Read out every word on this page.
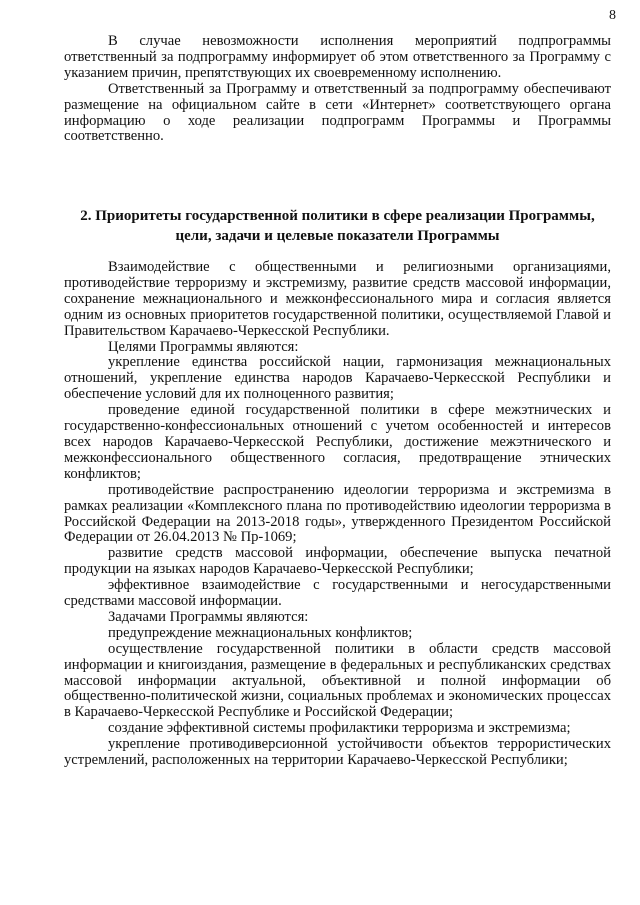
8

В случае невозможности исполнения мероприятий подпрограммы ответственный за подпрограмму информирует об этом ответственного за Программу с указанием причин, препятствующих их своевременному исполнению.

Ответственный за Программу и ответственный за подпрограмму обеспечивают размещение на официальном сайте в сети «Интернет» соответствующего органа информацию о ходе реализации подпрограмм Программы и Программы соответственно.

2. Приоритеты государственной политики в сфере реализации Программы,

цели, задачи и целевые показатели Программы

Взаимодействие с общественными и религиозными организациями, противодействие терроризму и экстремизму, развитие средств массовой информации, сохранение межнационального и межконфессионального мира и согласия является одним из основных приоритетов государственной политики, осуществляемой Главой и Правительством Карачаево-Черкесской Республики.

Целями Программы являются:

укрепление единства российской нации, гармонизация межнациональных отношений, укрепление единства народов Карачаево-Черкесской Республики и обеспечение условий для их полноценного развития;

проведение единой государственной политики в сфере межэтнических и государственно-конфессиональных отношений с учетом особенностей и интересов всех народов Карачаево-Черкесской Республики, достижение межэтнического и межконфессионального общественного согласия, предотвращение этнических конфликтов;

противодействие распространению идеологии терроризма и экстремизма в рамках реализации «Комплексного плана по противодействию идеологии терроризма в Российской Федерации на 2013-2018 годы», утвержденного Президентом Российской Федерации от 26.04.2013 № Пр-1069;

развитие средств массовой информации, обеспечение выпуска печатной продукции на языках народов Карачаево-Черкесской Республики;

эффективное взаимодействие с государственными и негосударственными средствами массовой информации.

Задачами Программы являются:

предупреждение межнациональных конфликтов;

осуществление государственной политики в области средств массовой информации и книгоиздания, размещение в федеральных и республиканских средствах массовой информации актуальной, объективной и полной информации об общественно-политической жизни, социальных проблемах и экономических процессах в Карачаево-Черкесской Республике и Российской Федерации;

создание эффективной системы профилактики терроризма и экстремизма;

укрепление противодиверсионной устойчивости объектов террористических устремлений, расположенных на территории Карачаево-Черкесской Республики;
